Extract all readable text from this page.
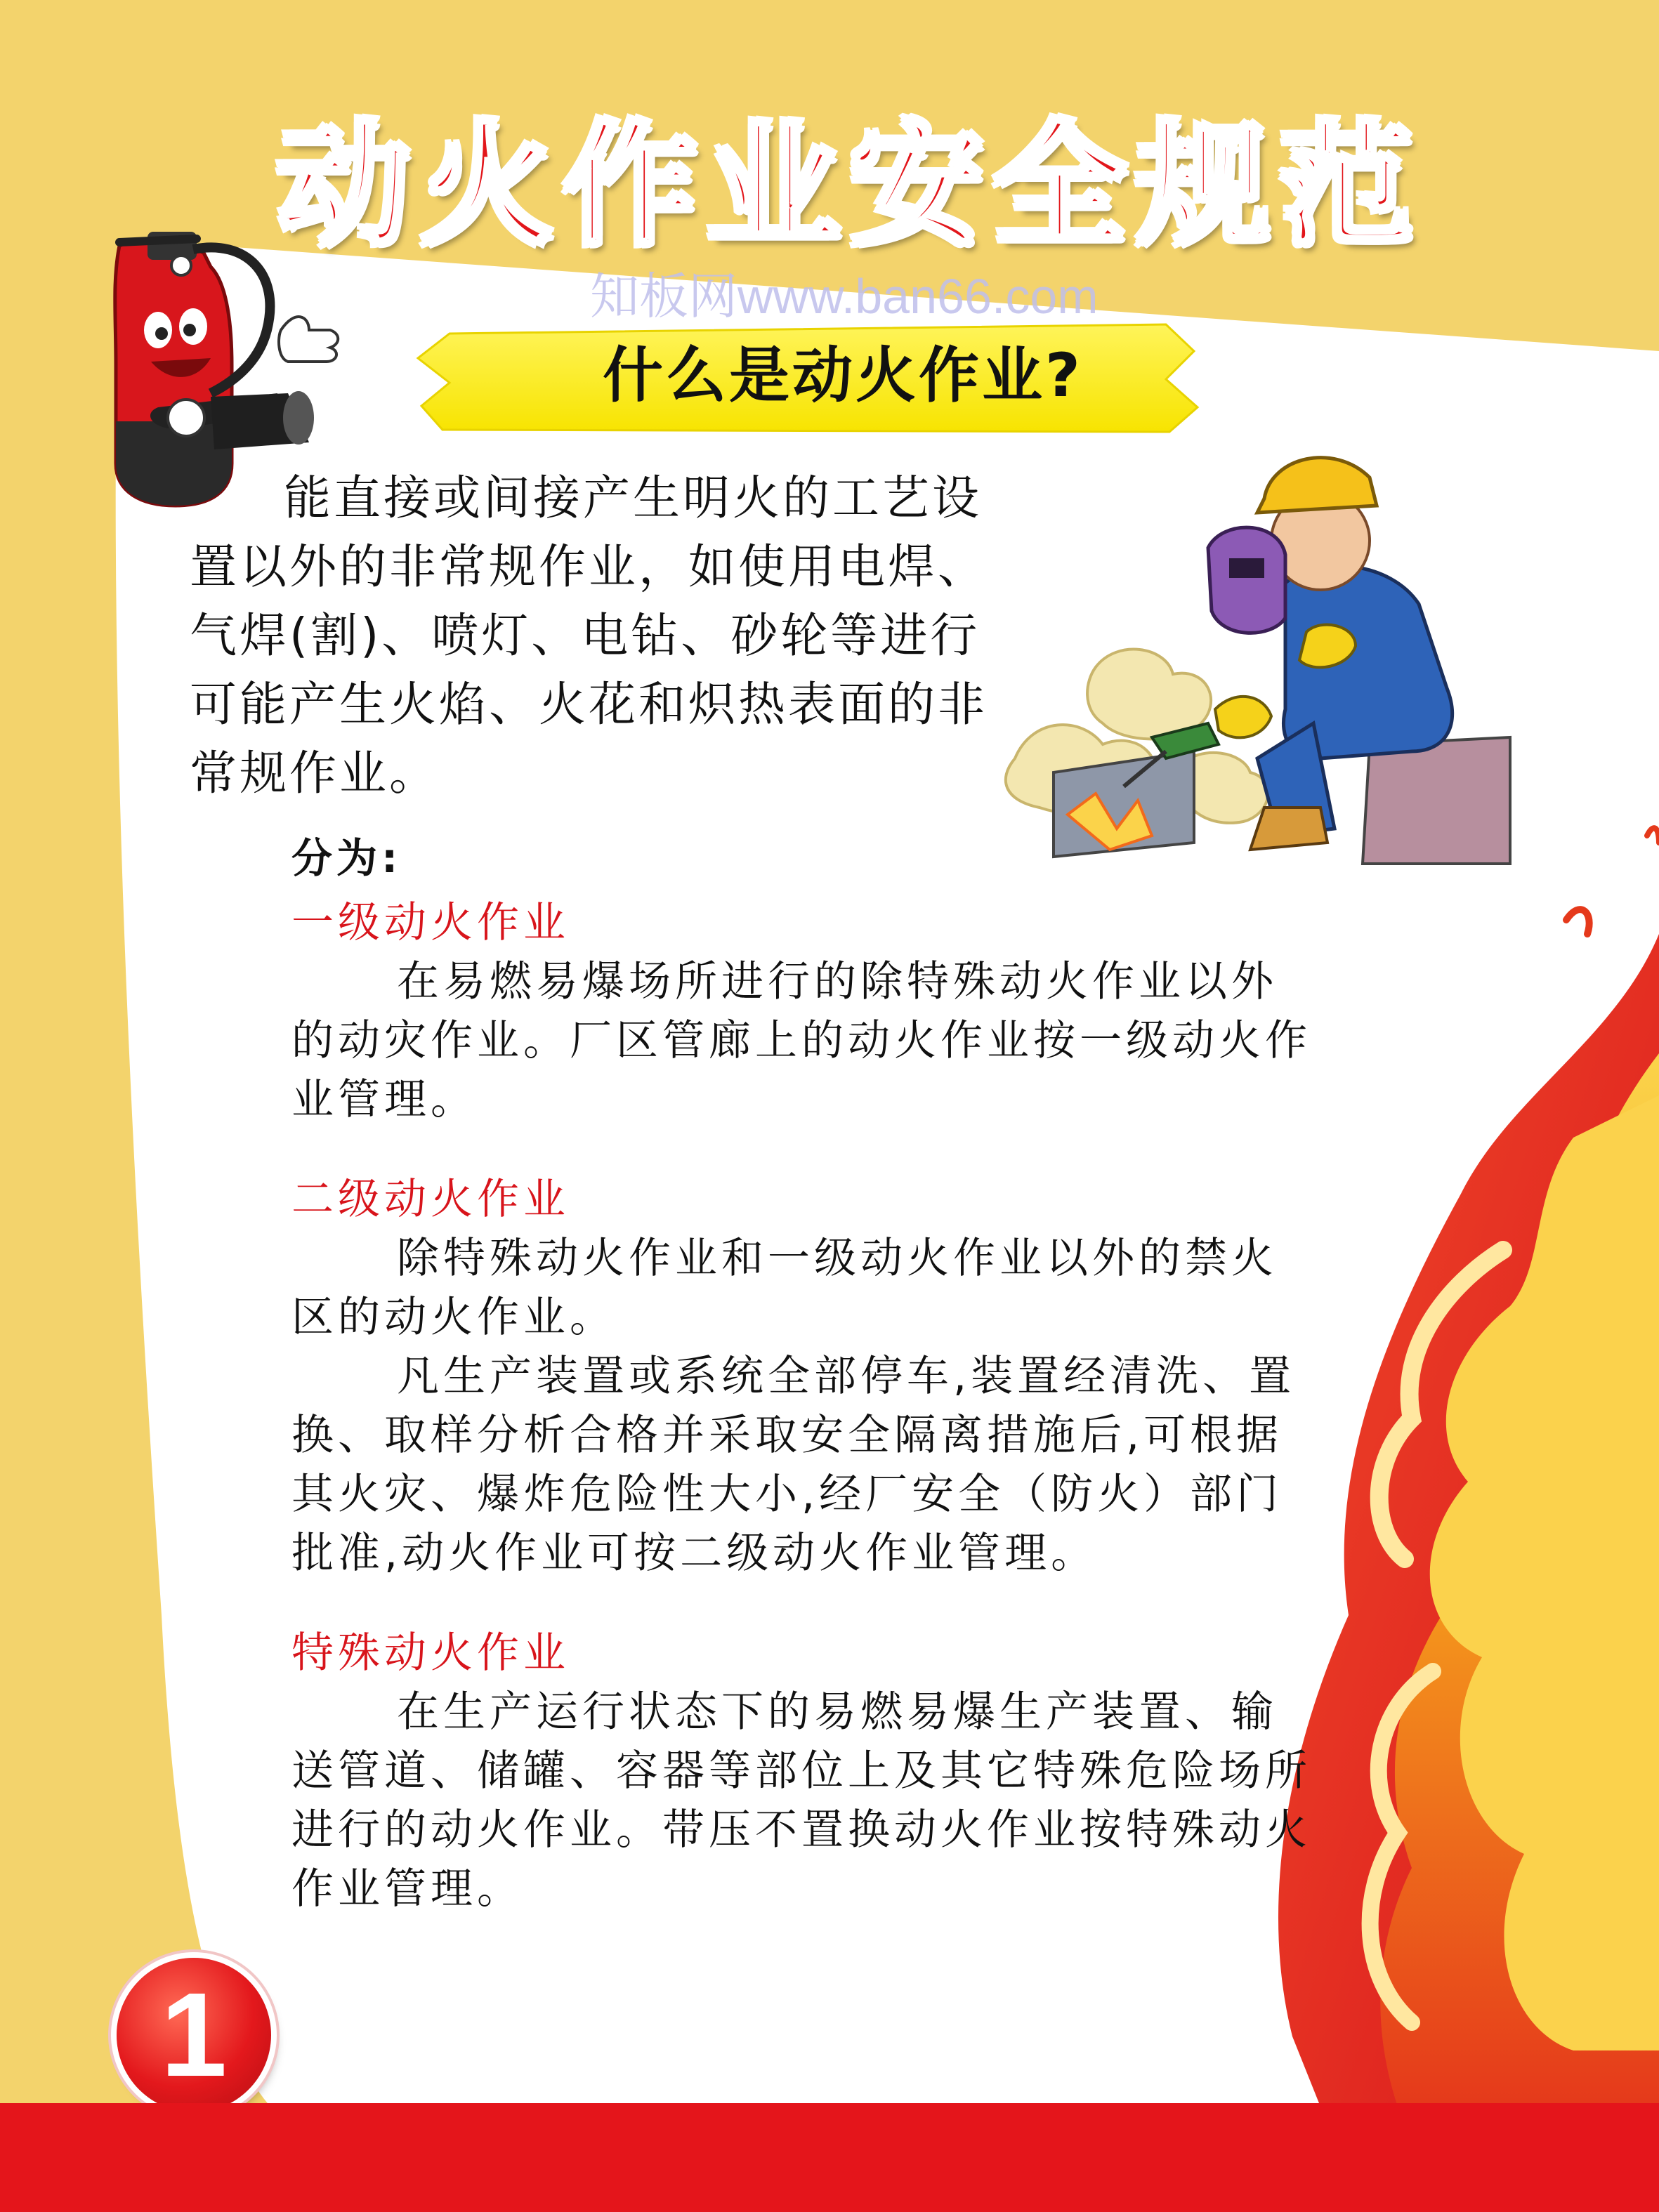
动火作业安全规范
知板网www.ban66.com
什么是动火作业?

能直接或间接产生明火的工艺设置以外的非常规作业，如使用电焊、气焊(割)、喷灯、电钻、砂轮等进行可能产生火焰、火花和炽热表面的非常规作业。

分为:

一级动火作业

在易燃易爆场所进行的除特殊动火作业以外的动灾作业。厂区管廊上的动火作业按一级动火作业管理。

二级动火作业

除特殊动火作业和一级动火作业以外的禁火区的动火作业。

凡生产装置或系统全部停车,装置经清洗、置换、取样分析合格并采取安全隔离措施后,可根据其火灾、爆炸危险性大小,经厂安全（防火）部门批准,动火作业可按二级动火作业管理。

特殊动火作业

在生产运行状态下的易燃易爆生产装置、输送管道、储罐、容器等部位上及其它特殊危险场所进行的动火作业。带压不置换动火作业按特殊动火作业管理。

1
